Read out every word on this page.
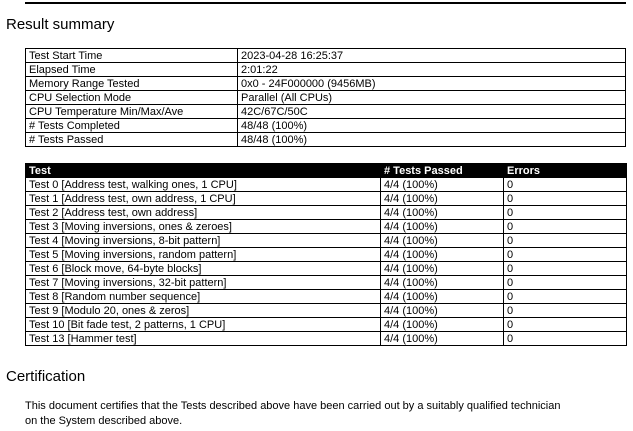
Result summary
Test Start Time	2023-04-28 16:25:37
Elapsed Time	2:01:22
Memory Range Tested	0x0 - 24F000000 (9456MB)
CPU Selection Mode	Parallel (All CPUs)
CPU Temperature Min/Max/Ave	42C/67C/50C
# Tests Completed	48/48 (100%)
# Tests Passed	48/48 (100%)
Test	# Tests Passed	Errors
Test 0 [Address test, walking ones, 1 CPU]	4/4 (100%)	0
Test 1 [Address test, own address, 1 CPU]	4/4 (100%)	0
Test 2 [Address test, own address]	4/4 (100%)	0
Test 3 [Moving inversions, ones & zeroes]	4/4 (100%)	0
Test 4 [Moving inversions, 8-bit pattern]	4/4 (100%)	0
Test 5 [Moving inversions, random pattern]	4/4 (100%)	0
Test 6 [Block move, 64-byte blocks]	4/4 (100%)	0
Test 7 [Moving inversions, 32-bit pattern]	4/4 (100%)	0
Test 8 [Random number sequence]	4/4 (100%)	0
Test 9 [Modulo 20, ones & zeros]	4/4 (100%)	0
Test 10 [Bit fade test, 2 patterns, 1 CPU]	4/4 (100%)	0
Test 13 [Hammer test]	4/4 (100%)	0
Certification

This document certifies that the Tests described above have been carried out by a suitably qualified technician on the System described above.
